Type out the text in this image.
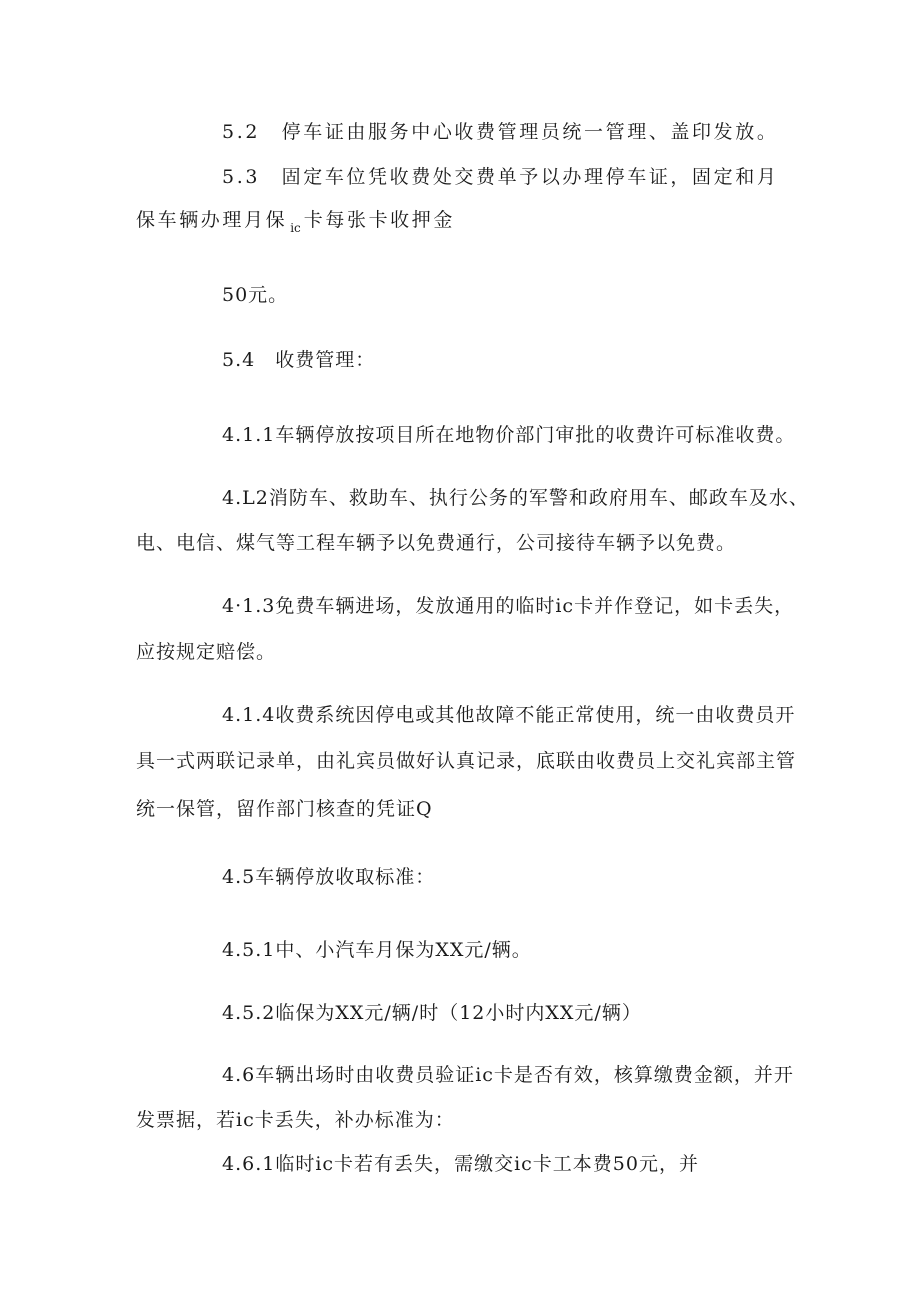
5.2　停车证由服务中心收费管理员统一管理、盖印发放。
5.3　固定车位凭收费处交费单予以办理停车证，固定和月
保车辆办理月保 $_{ic}$ 卡每张卡收押金
50元。
5.4　收费管理：
4.1.1车辆停放按项目所在地物价部门审批的收费许可标准收费。
4.L2消防车、救助车、执行公务的军警和政府用车、邮政车及水、
电、电信、煤气等工程车辆予以免费通行，公司接待车辆予以免费。
4·1.3免费车辆进场，发放通用的临时ic卡并作登记，如卡丢失，
应按规定赔偿。
4.1.4收费系统因停电或其他故障不能正常使用，统一由收费员开
具一式两联记录单，由礼宾员做好认真记录，底联由收费员上交礼宾部主管
统一保管，留作部门核查的凭证Q
4.5车辆停放收取标准：
4.5.1中、小汽车月保为XX元/辆。
4.5.2临保为XX元/辆/时（12小时内XX元/辆）
4.6车辆出场时由收费员验证ic卡是否有效，核算缴费金额，并开
发票据，若ic卡丢失，补办标准为：
4.6.1临时ic卡若有丢失，需缴交ic卡工本费50元，并
